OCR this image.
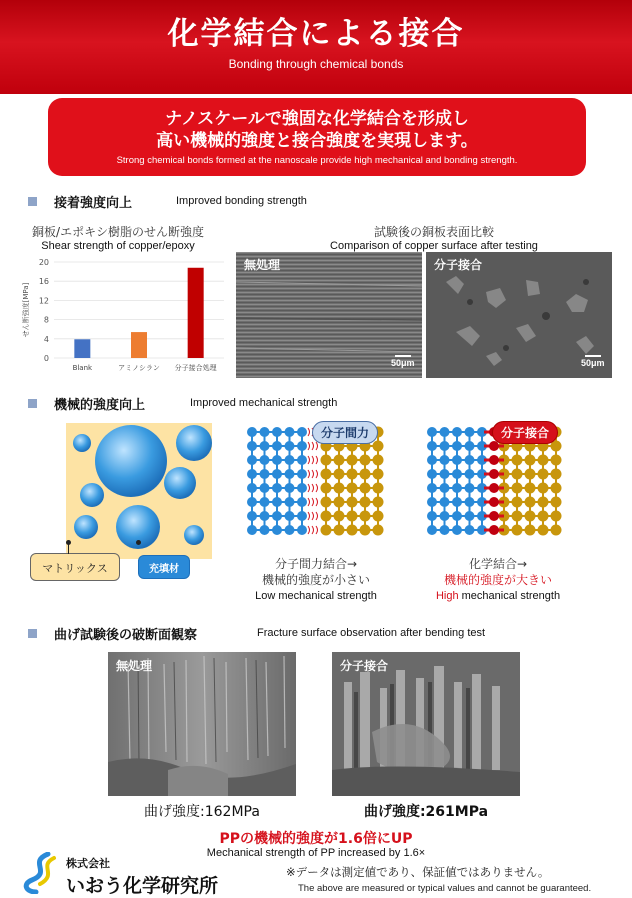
化学結合による接合
Bonding through chemical bonds
ナノスケールで強固な化学結合を形成し
高い機械的強度と接合強度を実現します。
Strong chemical bonds formed at the nanoscale provide high mechanical and bonding strength.
接着強度向上	Improved bonding strength
銅板/エポキシ樹脂のせん断強度
Shear strength of copper/epoxy
0
4
8
12
16
20
せん断強度[MPa]
Blank	アミノシラン 分子接合処理
試験後の銅板表面比較
Comparison of copper surface after testing
無処理
50μm
分子接合
50μm
機械的強度向上	Improved mechanical strength
マトリックス	充填材
分子間力	分子接合
分子間力結合→
機械的強度が小さい
Low mechanical strength
化学結合→
機械的強度が大きい
High mechanical strength
曲げ試験後の破断面観察	Fracture surface observation after bending test
無処理	分子接合
曲げ強度:162MPa	曲げ強度:261MPa
PPの機械的強度が1.6倍にUP
Mechanical strength of PP increased by 1.6×
株式会社
いおう化学研究所
※データは測定値であり、保証値ではありません。
The above are measured or typical values and cannot be guaranteed.
